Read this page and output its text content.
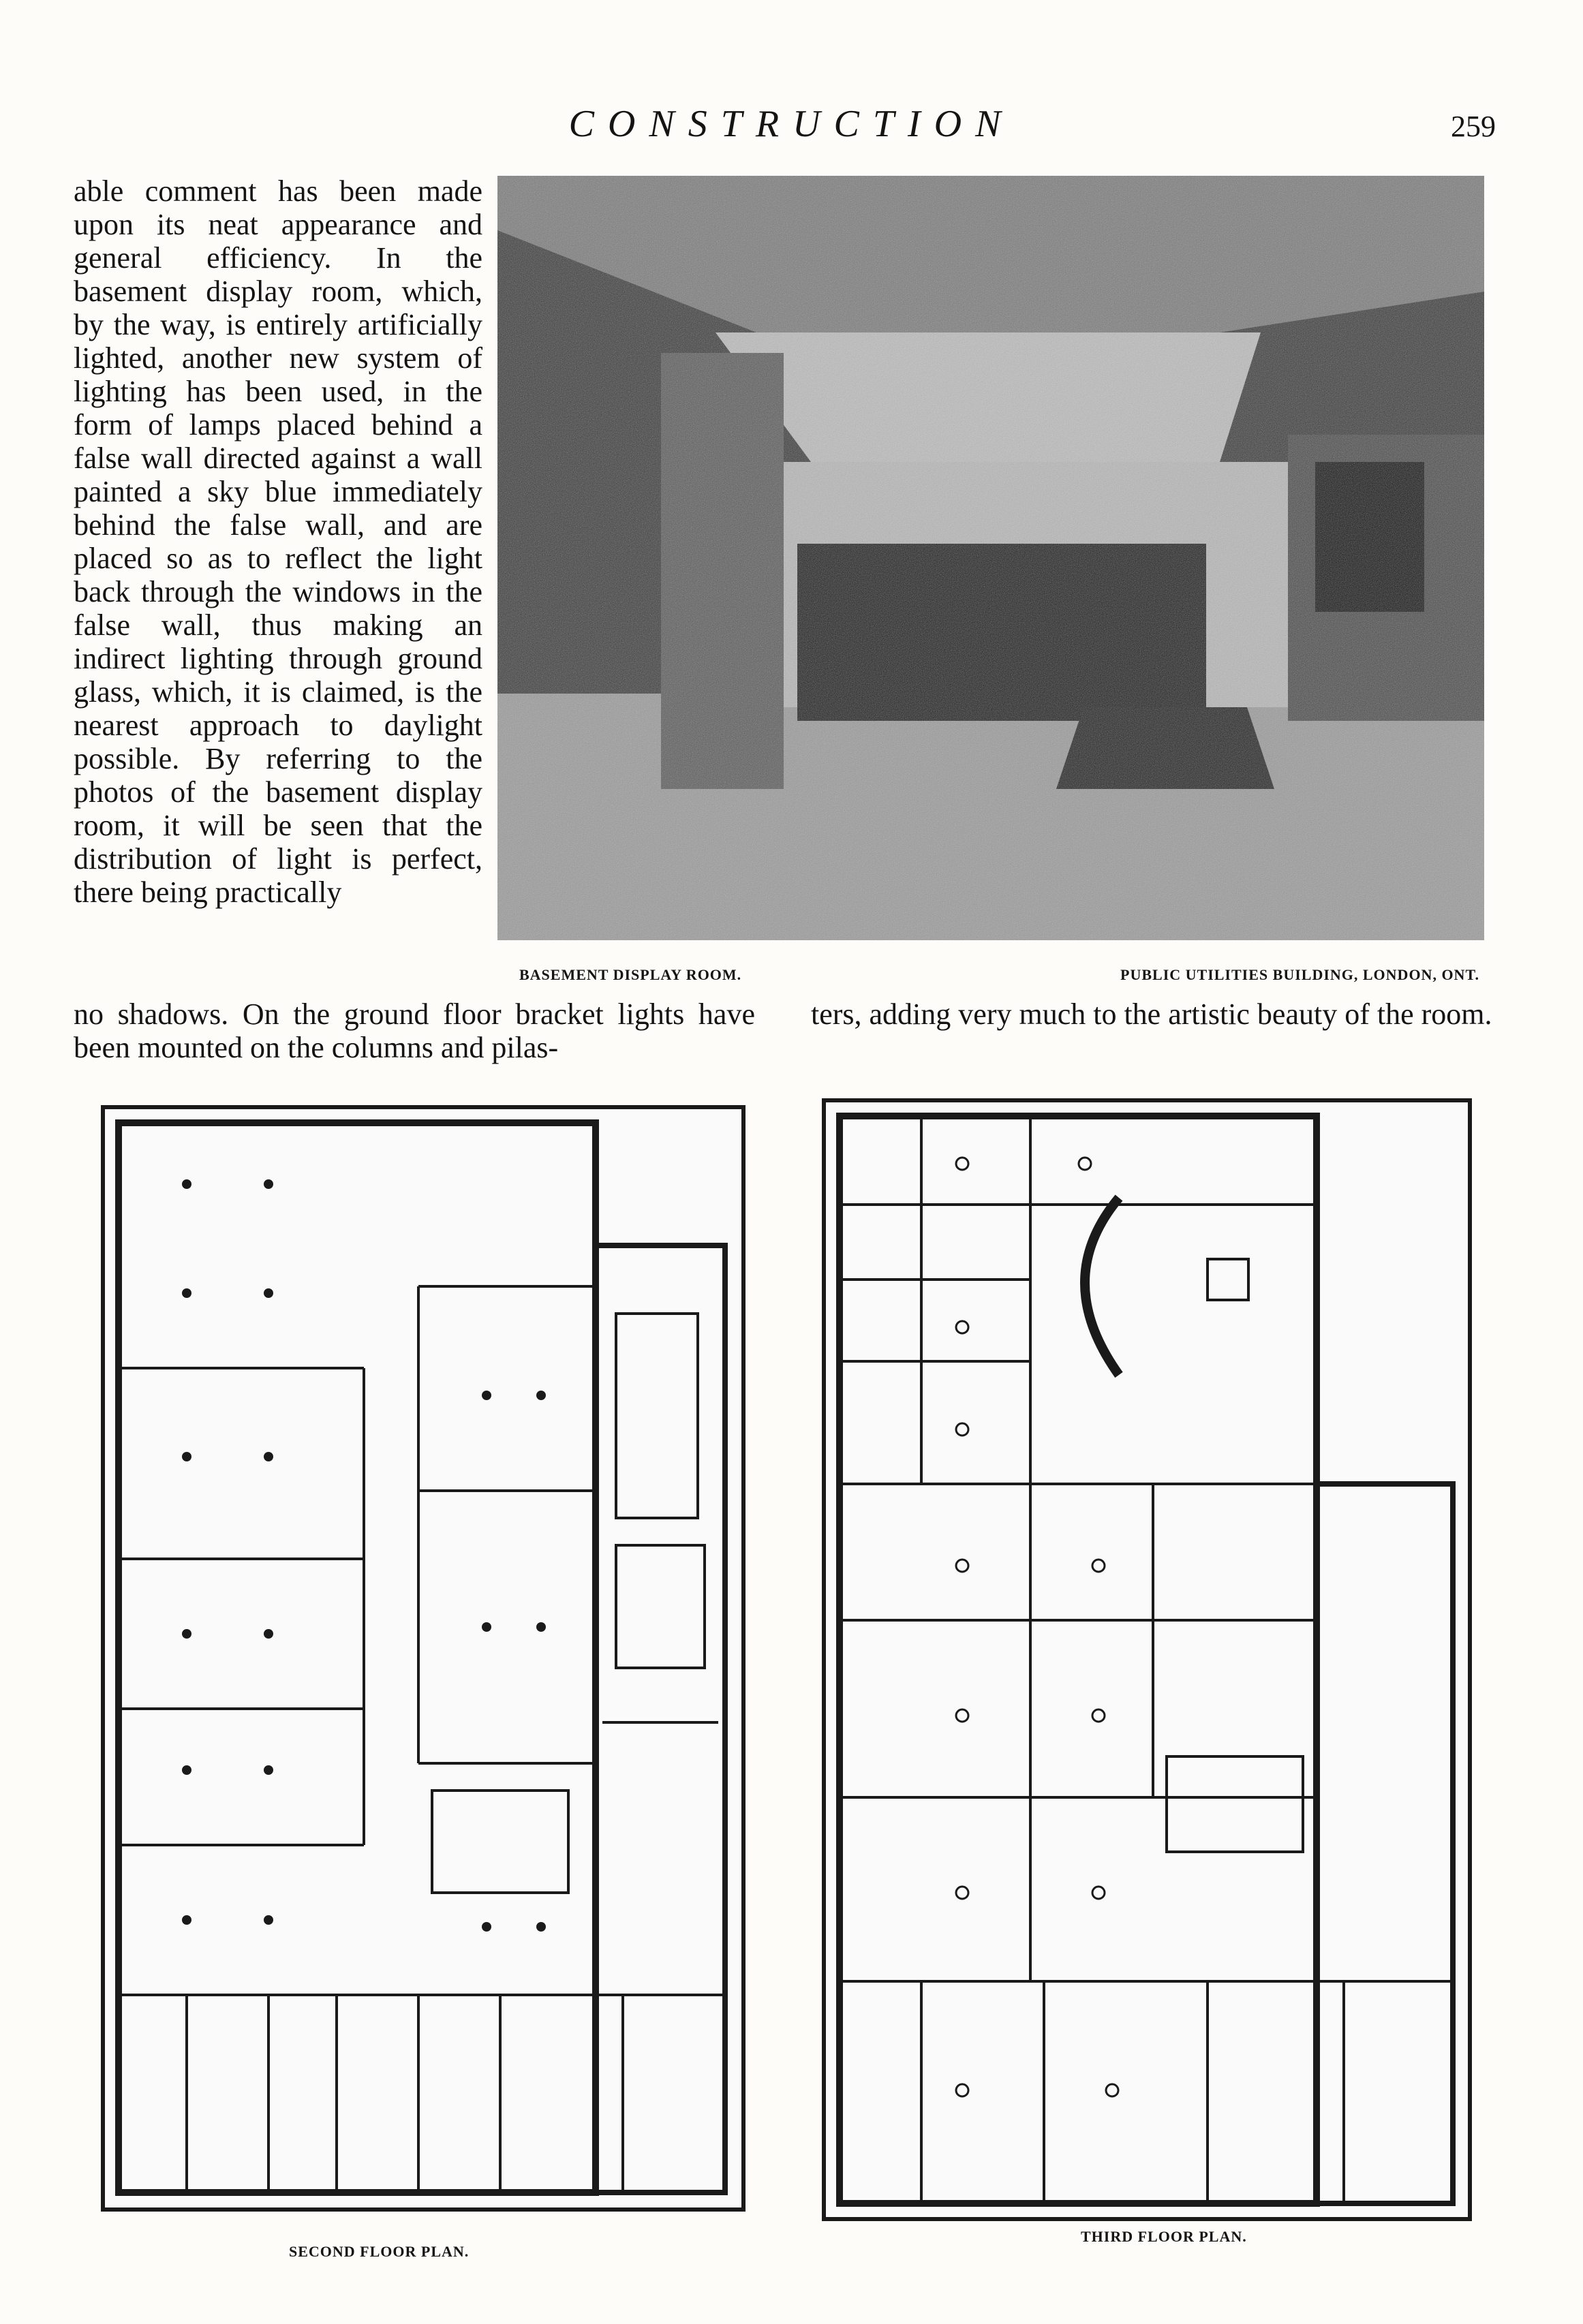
CONSTRUCTION	259
able comment has been made upon its neat appearance and general efficiency. In the basement display room, which, by the way, is entirely artificially lighted, another new system of lighting has been used, in the form of lamps placed behind a false wall directed against a wall painted a sky blue immediately behind the false wall, and are placed so as to reflect the light back through the windows in the false wall, thus making an indirect lighting through ground glass, which, it is claimed, is the nearest approach to daylight possible. By referring to the photos of the basement display room, it will be seen that the distribution of light is perfect, there being practically
BASEMENT DISPLAY ROOM.	PUBLIC UTILITIES BUILDING, LONDON, ONT.
no shadows. On the ground floor bracket lights have been mounted on the columns and pilas-
ters, adding very much to the artistic beauty of the room.
SECOND FLOOR PLAN.
THIRD FLOOR PLAN.
